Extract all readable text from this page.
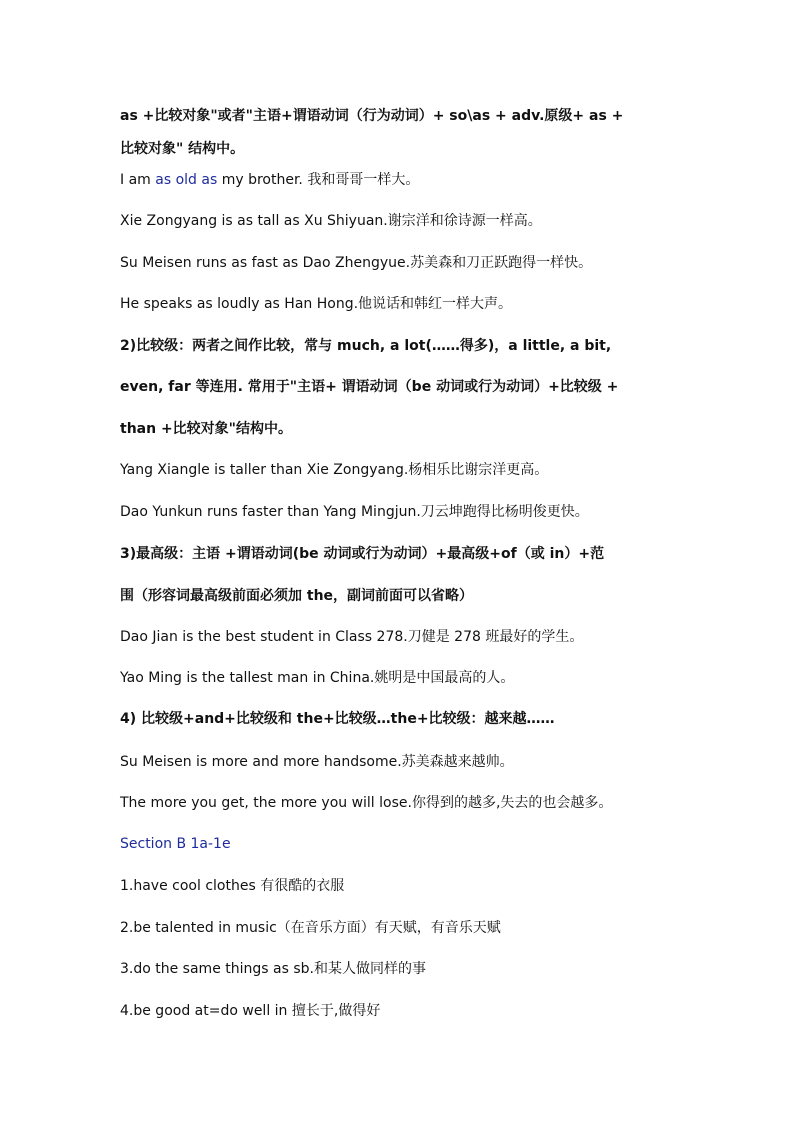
as +比较对象"或者"主语+谓语动词（行为动词）+ so\as + adv.原级+ as +
比较对象" 结构中。
I am as old as my brother. 我和哥哥一样大。
Xie Zongyang is as tall as Xu Shiyuan.谢宗洋和徐诗源一样高。
Su Meisen runs as fast as Dao Zhengyue.苏美森和刀正跃跑得一样快。
He speaks as loudly as Han Hong.他说话和韩红一样大声。
2)比较级：两者之间作比较，常与 much, a lot(……得多)，a little, a bit,
even, far 等连用. 常用于"主语+ 谓语动词（be 动词或行为动词）+比较级 +
than +比较对象"结构中。
Yang Xiangle is taller than Xie Zongyang.杨相乐比谢宗洋更高。
Dao Yunkun runs faster than Yang Mingjun.刀云坤跑得比杨明俊更快。
3)最高级：主语 +谓语动词(be 动词或行为动词）+最高级+of（或 in）+范
围（形容词最高级前面必须加 the，副词前面可以省略）
Dao Jian is the best student in Class 278.刀健是 278 班最好的学生。
Yao Ming is the tallest man in China.姚明是中国最高的人。
4) 比较级+and+比较级和 the+比较级…the+比较级：越来越……
Su Meisen is more and more handsome.苏美森越来越帅。
The more you get, the more you will lose.你得到的越多,失去的也会越多。
Section B 1a-1e
1.have cool clothes 有很酷的衣服
2.be talented in music（在音乐方面）有天赋，有音乐天赋
3.do the same things as sb.和某人做同样的事
4.be good at=do well in 擅长于,做得好
